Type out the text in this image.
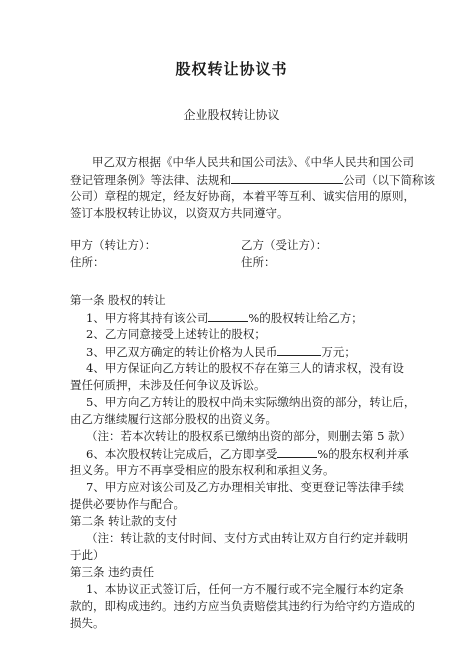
股权转让协议书
企业股权转让协议
甲乙双方根据《中华人民共和国公司法》、《中华人民共和国公司
登记管理条例》等法律、法规和	公司（以下简称该
公司）章程的规定，经友好协商，本着平等互利、诚实信用的原则，
签订本股权转让协议，以资双方共同遵守。
甲方（转让方）：	乙方（受让方）：
住所：	住所：
第一条 股权的转让
1、甲方将其持有该公司	%的股权转让给乙方；
2、乙方同意接受上述转让的股权；
3、甲乙双方确定的转让价格为人民币	万元；
4、甲方保证向乙方转让的股权不存在第三人的请求权，没有设
置任何质押，未涉及任何争议及诉讼。
5、甲方向乙方转让的股权中尚未实际缴纳出资的部分，转让后，
由乙方继续履行这部分股权的出资义务。
（注：若本次转让的股权系已缴纳出资的部分，则删去第 5 款）
6、本次股权转让完成后，乙方即享受	%的股东权利并承
担义务。甲方不再享受相应的股东权利和承担义务。
7、甲方应对该公司及乙方办理相关审批、变更登记等法律手续
提供必要协作与配合。
第二条 转让款的支付
（注：转让款的支付时间、支付方式由转让双方自行约定并载明
于此）
第三条 违约责任
1、本协议正式签订后，任何一方不履行或不完全履行本约定条
款的，即构成违约。违约方应当负责赔偿其违约行为给守约方造成的
损失。
